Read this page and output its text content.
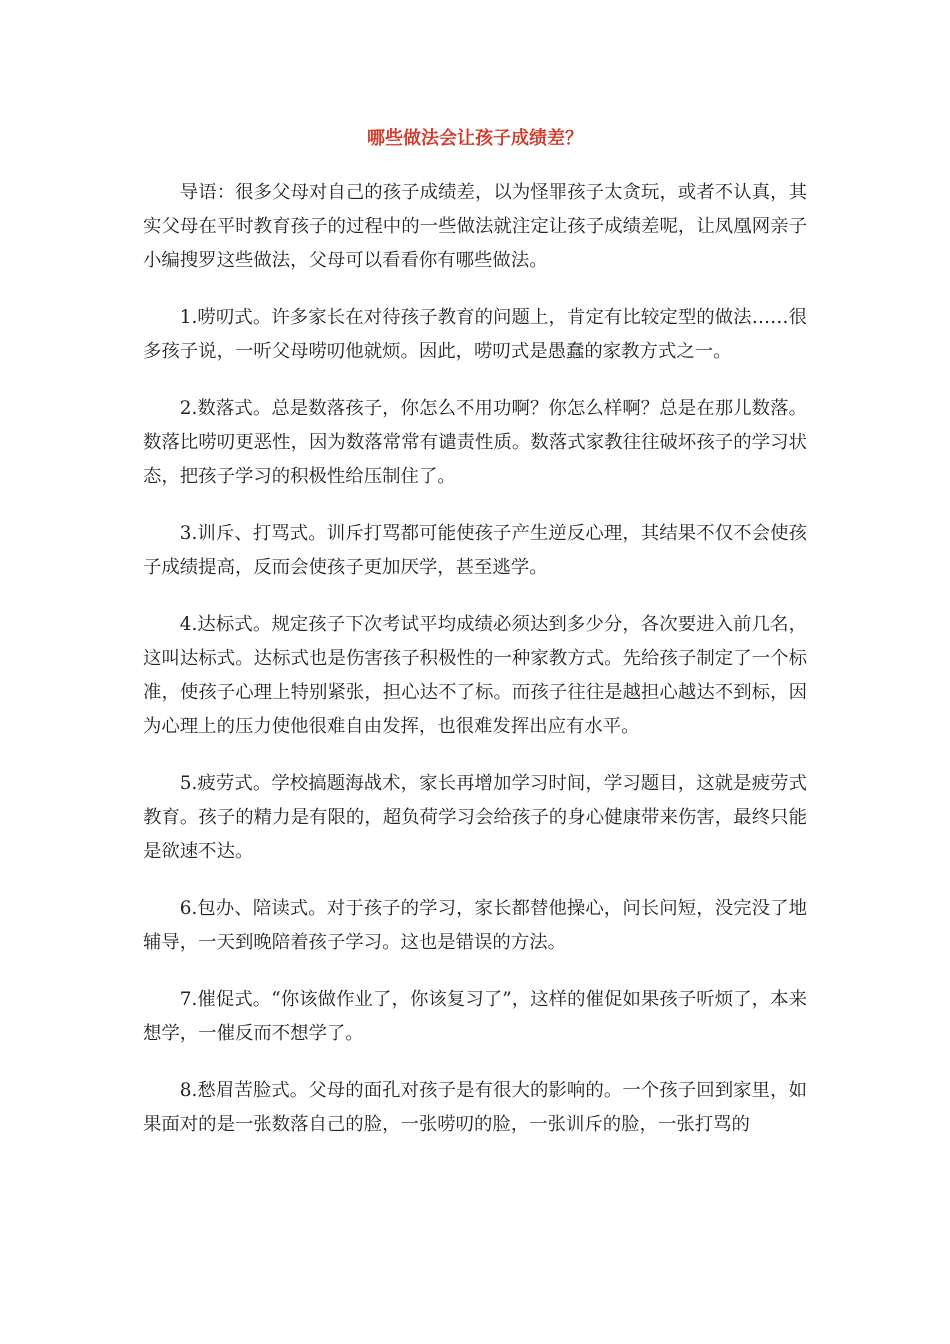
哪些做法会让孩子成绩差？

导语：很多父母对自己的孩子成绩差，以为怪罪孩子太贪玩，或者不认真，其实父母在平时教育孩子的过程中的一些做法就注定让孩子成绩差呢，让凤凰网亲子小编搜罗这些做法，父母可以看看你有哪些做法。

1.唠叨式。许多家长在对待孩子教育的问题上，肯定有比较定型的做法……很多孩子说，一听父母唠叨他就烦。因此，唠叨式是愚蠢的家教方式之一。

2.数落式。总是数落孩子，你怎么不用功啊？你怎么样啊？总是在那儿数落。数落比唠叨更恶性，因为数落常常有谴责性质。数落式家教往往破坏孩子的学习状态，把孩子学习的积极性给压制住了。

3.训斥、打骂式。训斥打骂都可能使孩子产生逆反心理，其结果不仅不会使孩子成绩提高，反而会使孩子更加厌学，甚至逃学。

4.达标式。规定孩子下次考试平均成绩必须达到多少分，各次要进入前几名，这叫达标式。达标式也是伤害孩子积极性的一种家教方式。先给孩子制定了一个标准，使孩子心理上特别紧张，担心达不了标。而孩子往往是越担心越达不到标，因为心理上的压力使他很难自由发挥，也很难发挥出应有水平。

5.疲劳式。学校搞题海战术，家长再增加学习时间，学习题目，这就是疲劳式教育。孩子的精力是有限的，超负荷学习会给孩子的身心健康带来伤害，最终只能是欲速不达。

6.包办、陪读式。对于孩子的学习，家长都替他操心，问长问短，没完没了地辅导，一天到晚陪着孩子学习。这也是错误的方法。

7.催促式。“你该做作业了，你该复习了”，这样的催促如果孩子听烦了，本来想学，一催反而不想学了。

8.愁眉苦脸式。父母的面孔对孩子是有很大的影响的。一个孩子回到家里，如果面对的是一张数落自己的脸，一张唠叨的脸，一张训斥的脸，一张打骂的
